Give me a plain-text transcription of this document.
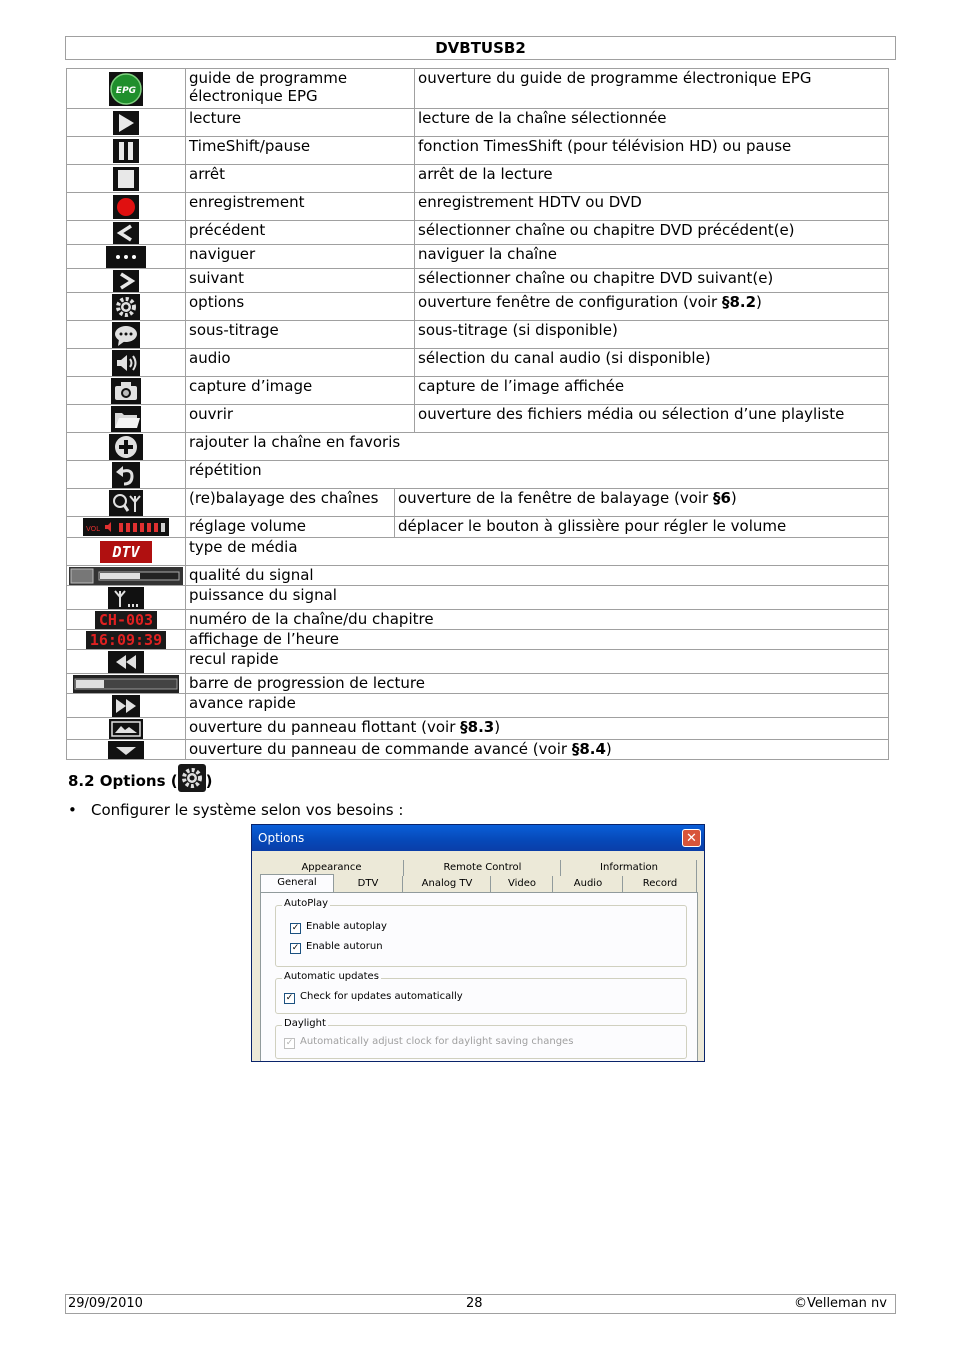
DVBTUSB2
EPG	guide de programme électronique EPG		ouverture du guide de programme électronique EPG
	lecture		lecture de la chaîne sélectionnée
	TimeShift/pause		fonction TimesShift (pour télévision HD) ou pause
	arrêt		arrêt de la lecture
	enregistrement		enregistrement HDTV ou DVD
	précédent		sélectionner chaîne ou chapitre DVD précédent(e)
	naviguer		naviguer la chaîne
	suivant		sélectionner chaîne ou chapitre DVD suivant(e)
	options		ouverture fenêtre de configuration (voir §8.2)
	sous-titrage		sous-titrage (si disponible)
	audio		sélection du canal audio (si disponible)
	capture d’image		capture de l’image affichée
	ouvrir		ouverture des fichiers média ou sélection d’une playliste
	rajouter la chaîne en favoris		
	répétition		
	(re)balayage des chaînes	ouverture de la fenêtre de balayage (voir §6)	

VOL	réglage volume	déplacer le bouton à glissière pour régler le volume	
DTV	type de média		
	qualité du signal		
	puissance du signal		
CH-003	numéro de la chaîne/du chapitre		
16:09:39	affichage de l’heure		
	recul rapide		
	barre de progression de lecture		
	avance rapide		
	ouverture du panneau flottant (voir §8.3)		
	ouverture du panneau de commande avancé (voir §8.4)		
8.2 Options ( )
• Configurer le système selon vos besoins :
Options	✕
Appearance	Remote Control	Information
General	DTV	Analog TV	Video	Audio	Record
AutoPlay
✓ Enable autoplay
✓ Enable autorun
Automatic updates
✓ Check for updates automatically
Daylight
✓ Automatically adjust clock for daylight saving changes
29/09/2010	28	©Velleman nv
